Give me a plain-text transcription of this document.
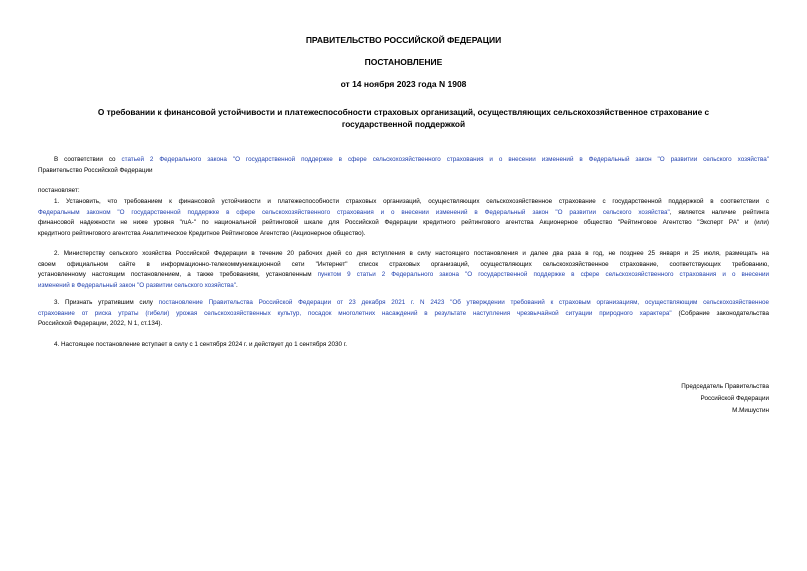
ПРАВИТЕЛЬСТВО РОССИЙСКОЙ ФЕДЕРАЦИИ
ПОСТАНОВЛЕНИЕ
от 14 ноября 2023 года N 1908
О требовании к финансовой устойчивости и платежеспособности страховых организаций, осуществляющих сельскохозяйственное страхование с
государственной поддержкой
В соответствии со статьей 2 Федерального закона "О государственной поддержке в сфере сельскохозяйственного страхования и о внесении изменений в Федеральный закон "О развитии сельского хозяйства"
Правительство Российской Федерации
постановляет:
1. Установить, что требованием к финансовой устойчивости и платежеспособности страховых организаций, осуществляющих сельскохозяйственное страхование с государственной поддержкой в соответствии с
Федеральным законом "О государственной поддержке в сфере сельскохозяйственного страхования и о внесении изменений в Федеральный закон "О развитии сельского хозяйства", является наличие рейтинга
финансовой надежности не ниже уровня "ruA-" по национальной рейтинговой шкале для Российской Федерации кредитного рейтингового агентства Акционерное общество "Рейтинговое Агентство "Эксперт РА" и (или)
кредитного рейтингового агентства Аналитическое Кредитное Рейтинговое Агентство (Акционерное общество).
2. Министерству сельского хозяйства Российской Федерации в течение 20 рабочих дней со дня вступления в силу настоящего постановления и далее два раза в год, не позднее 25 января и 25 июля, размещать на
своем официальном сайте в информационно-телекоммуникационной сети "Интернет" список страховых организаций, осуществляющих сельскохозяйственное страхование, соответствующих требованию,
установленному настоящим постановлением, а также требованиям, установленным пунктом 9 статьи 2 Федерального закона "О государственной поддержке в сфере сельскохозяйственного страхования и о внесении
изменений в Федеральный закон "О развитии сельского хозяйства".
3. Признать утратившим силу постановление Правительства Российской Федерации от 23 декабря 2021 г. N 2423 "Об утверждении требований к страховым организациям, осуществляющим сельскохозяйственное
страхование от риска утраты (гибели) урожая сельскохозяйственных культур, посадок многолетних насаждений в результате наступления чрезвычайной ситуации природного характера" (Собрание законодательства
Российской Федерации, 2022, N 1, ст.134).
4. Настоящее постановление вступает в силу с 1 сентября 2024 г. и действует до 1 сентября 2030 г.
Председатель Правительства
Российской Федерации
М.Мишустин
